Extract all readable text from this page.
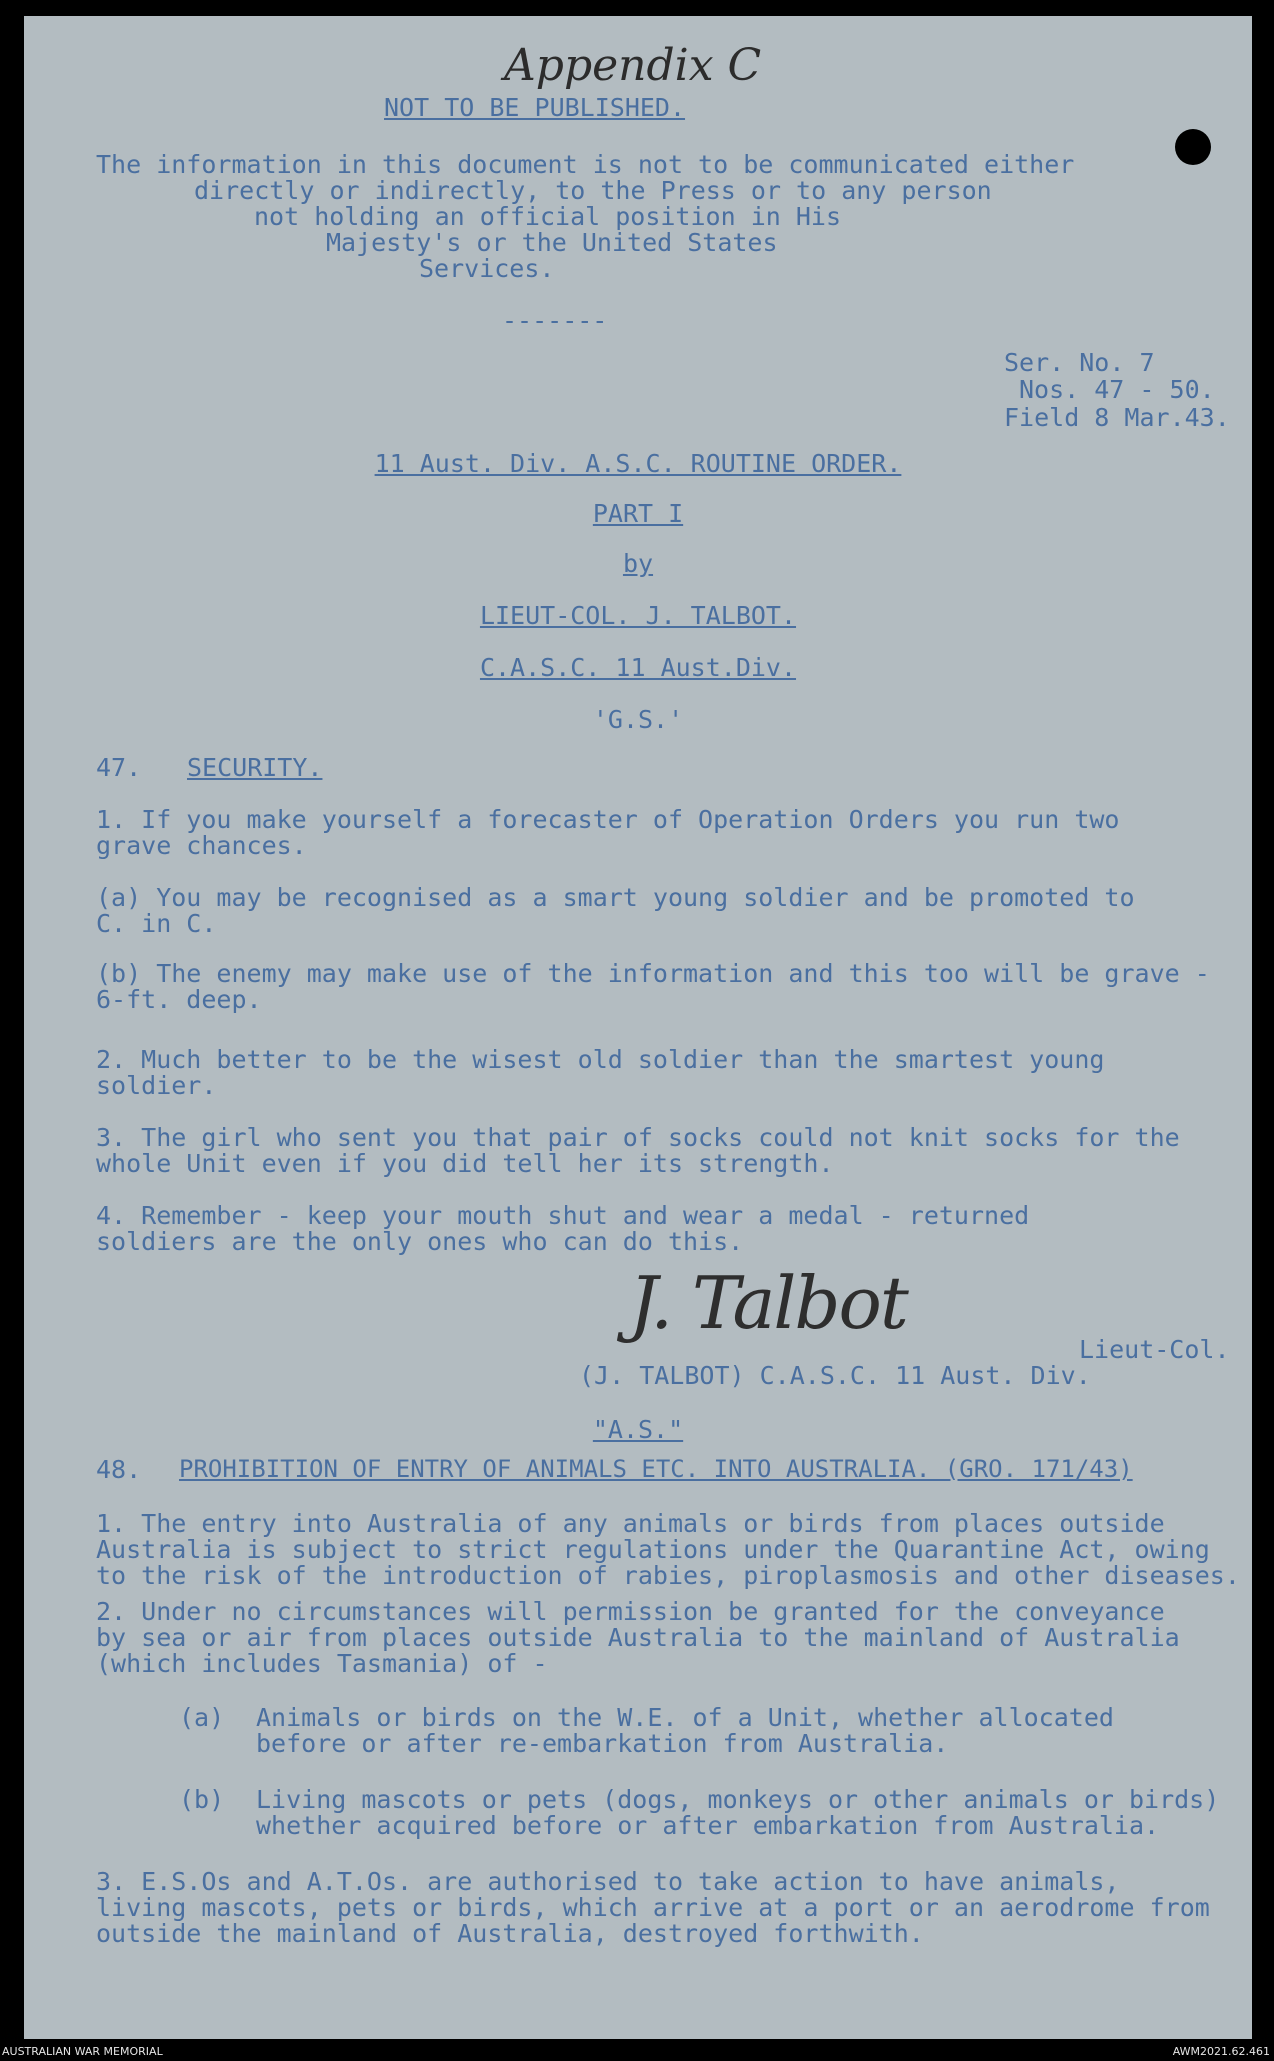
Appendix C
NOT TO BE PUBLISHED.
The information in this document is not to be communicated either
directly or indirectly, to the Press or to any person
not holding an official position in His
Majesty's or the United States
Services.
-------
Ser. No. 7
Nos. 47 - 50.
Field 8 Mar.43.
11 Aust. Div. A.S.C. ROUTINE ORDER.
PART I
by
LIEUT-COL. J. TALBOT.
C.A.S.C. 11 Aust.Div.
'G.S.'
47. SECURITY.
1. If you make yourself a forecaster of Operation Orders you run two
grave chances.
(a) You may be recognised as a smart young soldier and be promoted to
C. in C.
(b) The enemy may make use of the information and this too will be grave -
6-ft. deep.
2. Much better to be the wisest old soldier than the smartest young
soldier.
3. The girl who sent you that pair of socks could not knit socks for the
whole Unit even if you did tell her its strength.
4. Remember - keep your mouth shut and wear a medal - returned
soldiers are the only ones who can do this.
J. Talbot
Lieut-Col.
(J. TALBOT) C.A.S.C. 11 Aust. Div.
"A.S."
48. PROHIBITION OF ENTRY OF ANIMALS ETC. INTO AUSTRALIA. (GRO. 171/43)
1. The entry into Australia of any animals or birds from places outside
Australia is subject to strict regulations under the Quarantine Act, owing
to the risk of the introduction of rabies, piroplasmosis and other diseases.
2. Under no circumstances will permission be granted for the conveyance
by sea or air from places outside Australia to the mainland of Australia
(which includes Tasmania) of -
(a) Animals or birds on the W.E. of a Unit, whether allocated
before or after re-embarkation from Australia.
(b) Living mascots or pets (dogs, monkeys or other animals or birds)
whether acquired before or after embarkation from Australia.
3. E.S.Os and A.T.Os. are authorised to take action to have animals,
living mascots, pets or birds, which arrive at a port or an aerodrome from
outside the mainland of Australia, destroyed forthwith.
AUSTRALIAN WAR MEMORIAL	AWM2021.62.461
